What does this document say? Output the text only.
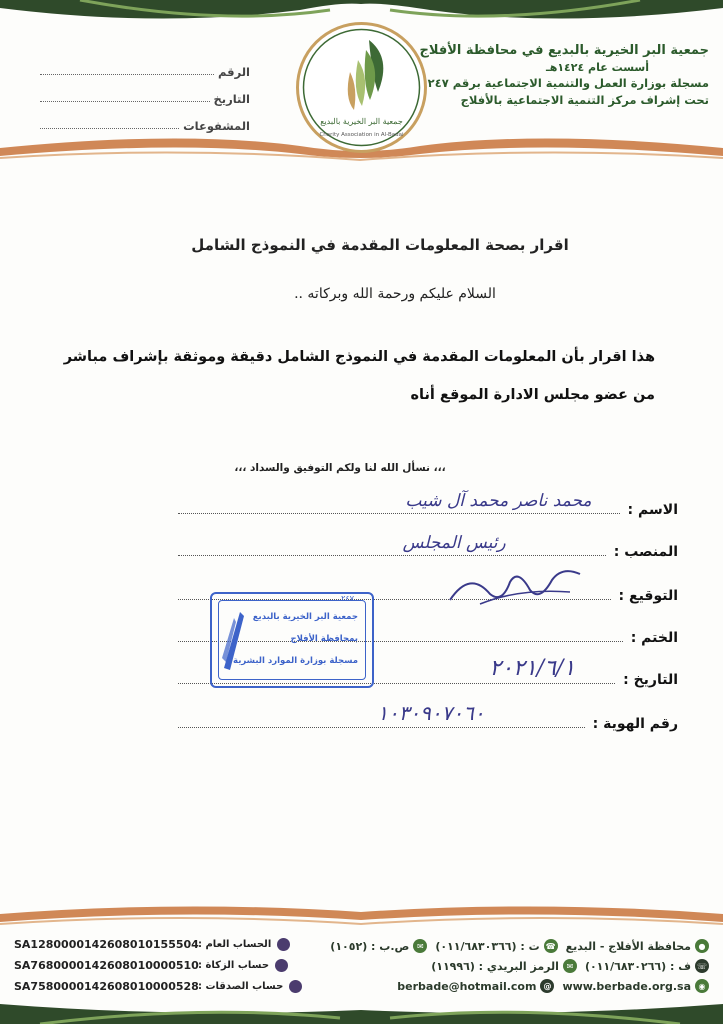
جمعية البر الخيرية بالبديع في محافظة الأفلاج
أسست عام ١٤٢٤هـ
مسجلة بوزارة العمل والتنمية الاجتماعية برقم ٢٤٧
تحت إشراف مركز التنمية الاجتماعية بالأفلاج
الرقم
التاريخ
المشفوعات	جمعية البر الخيرية بالبديع
Charity Association in Al-Badai
اقرار بصحة المعلومات المقدمة في النموذج الشامل
السلام عليكم ورحمة الله وبركاته ..
هذا اقرار بأن المعلومات المقدمة في النموذج الشامل دقيقة وموثقة بإشراف مباشر من عضو مجلس الادارة الموقع أناه
،،، نسأل الله لنا ولكم التوفيق والسداد ،،،
الاسم :
محمد ناصر محمد آل شيب
المنصب :
رئيس المجلس
التوقيع :
الختم :
التاريخ :
٢٠٢١/٦/١
رقم الهوية :
١٠٣٠٩٠٧٠٦٠
٢٤٧
جمعية البر الخيرية بالبديع
بمحافظة الأفلاج
مسجلة بوزارة الموارد البشرية
●
محافظة الأفلاج - البديع
☎
ت : (٠١١/٦٨٣٠٣٦٦)
✉
ص.ب : (١٠٥٢)
☏
ف : (٠١١/٦٨٣٠٢٦٦)
✉
الرمز البريدي : (١١٩٩٦)
◉
www.berbade.org.sa
@
berbade@hotmail.com
SA1280000142608010155504 الحساب العام :
SA7680000142608010000510 حساب الزكاة :
SA7580000142608010000528 حساب الصدقات :
